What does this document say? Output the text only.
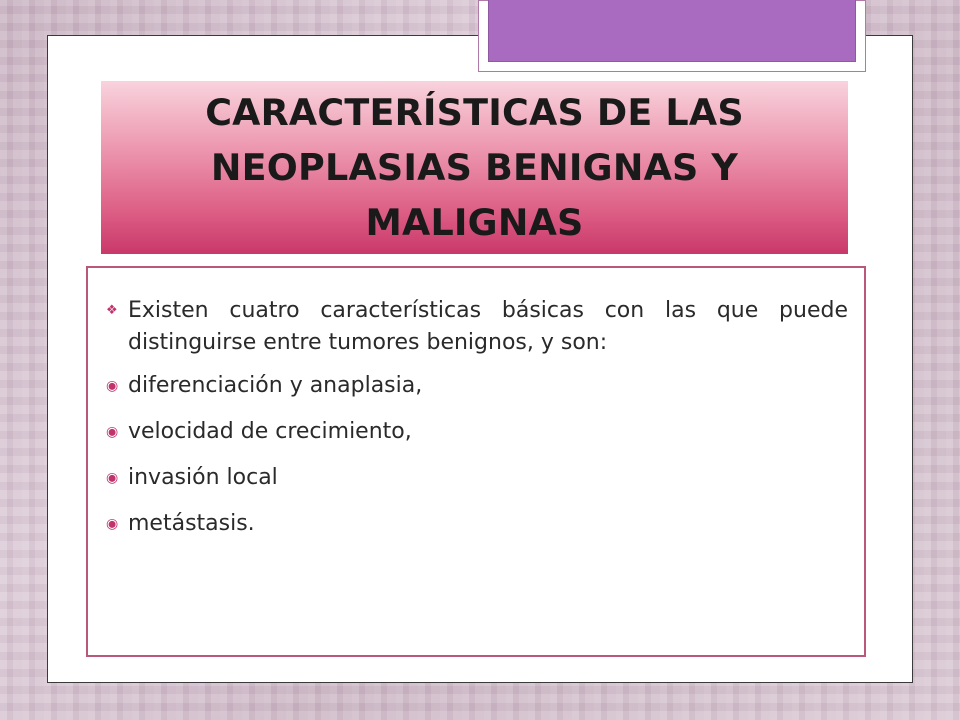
CARACTERÍSTICAS DE LAS NEOPLASIAS BENIGNAS Y MALIGNAS
❖ Existen cuatro características básicas con las que puede distinguirse entre tumores benignos, y son:
◉ diferenciación y anaplasia,
◉ velocidad de crecimiento,
◉ invasión local
◉ metástasis.
